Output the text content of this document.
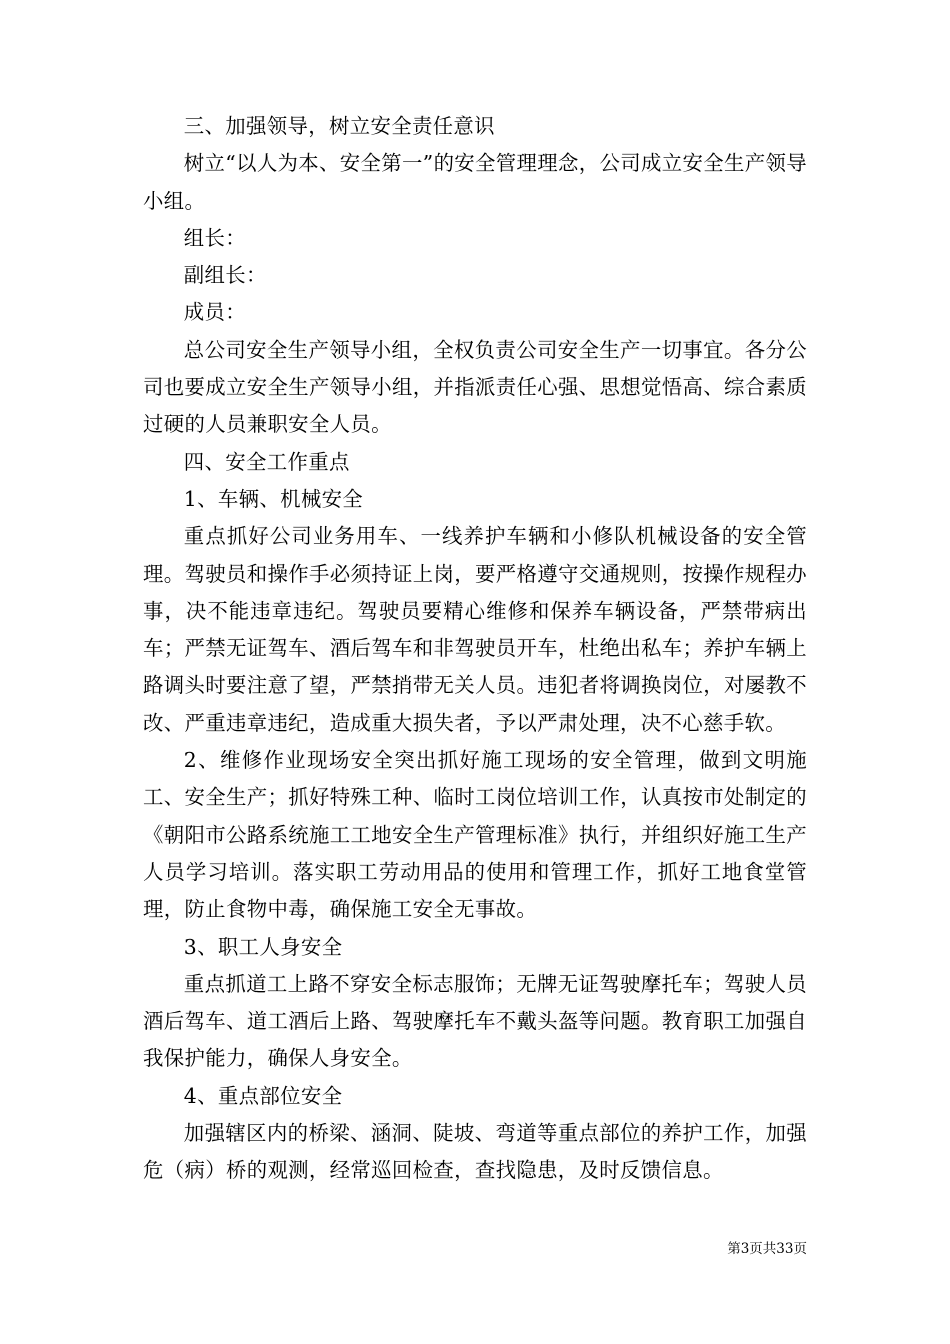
三、加强领导，树立安全责任意识

树立“以人为本、安全第一”的安全管理理念，公司成立安全生产领导小组。

组长：

副组长：

成员：

总公司安全生产领导小组，全权负责公司安全生产一切事宜。各分公司也要成立安全生产领导小组，并指派责任心强、思想觉悟高、综合素质过硬的人员兼职安全人员。

四、安全工作重点

1、车辆、机械安全

重点抓好公司业务用车、一线养护车辆和小修队机械设备的安全管理。驾驶员和操作手必须持证上岗，要严格遵守交通规则，按操作规程办事，决不能违章违纪。驾驶员要精心维修和保养车辆设备，严禁带病出车；严禁无证驾车、酒后驾车和非驾驶员开车，杜绝出私车；养护车辆上路调头时要注意了望，严禁捎带无关人员。违犯者将调换岗位，对屡教不改、严重违章违纪，造成重大损失者，予以严肃处理，决不心慈手软。

2、维修作业现场安全突出抓好施工现场的安全管理，做到文明施工、安全生产；抓好特殊工种、临时工岗位培训工作，认真按市处制定的《朝阳市公路系统施工工地安全生产管理标准》执行，并组织好施工生产人员学习培训。落实职工劳动用品的使用和管理工作，抓好工地食堂管理，防止食物中毒，确保施工安全无事故。

3、职工人身安全

重点抓道工上路不穿安全标志服饰；无牌无证驾驶摩托车；驾驶人员酒后驾车、道工酒后上路、驾驶摩托车不戴头盔等问题。教育职工加强自我保护能力，确保人身安全。

4、重点部位安全

加强辖区内的桥梁、涵洞、陡坡、弯道等重点部位的养护工作，加强危（病）桥的观测，经常巡回检查，查找隐患，及时反馈信息。

第3页共33页
